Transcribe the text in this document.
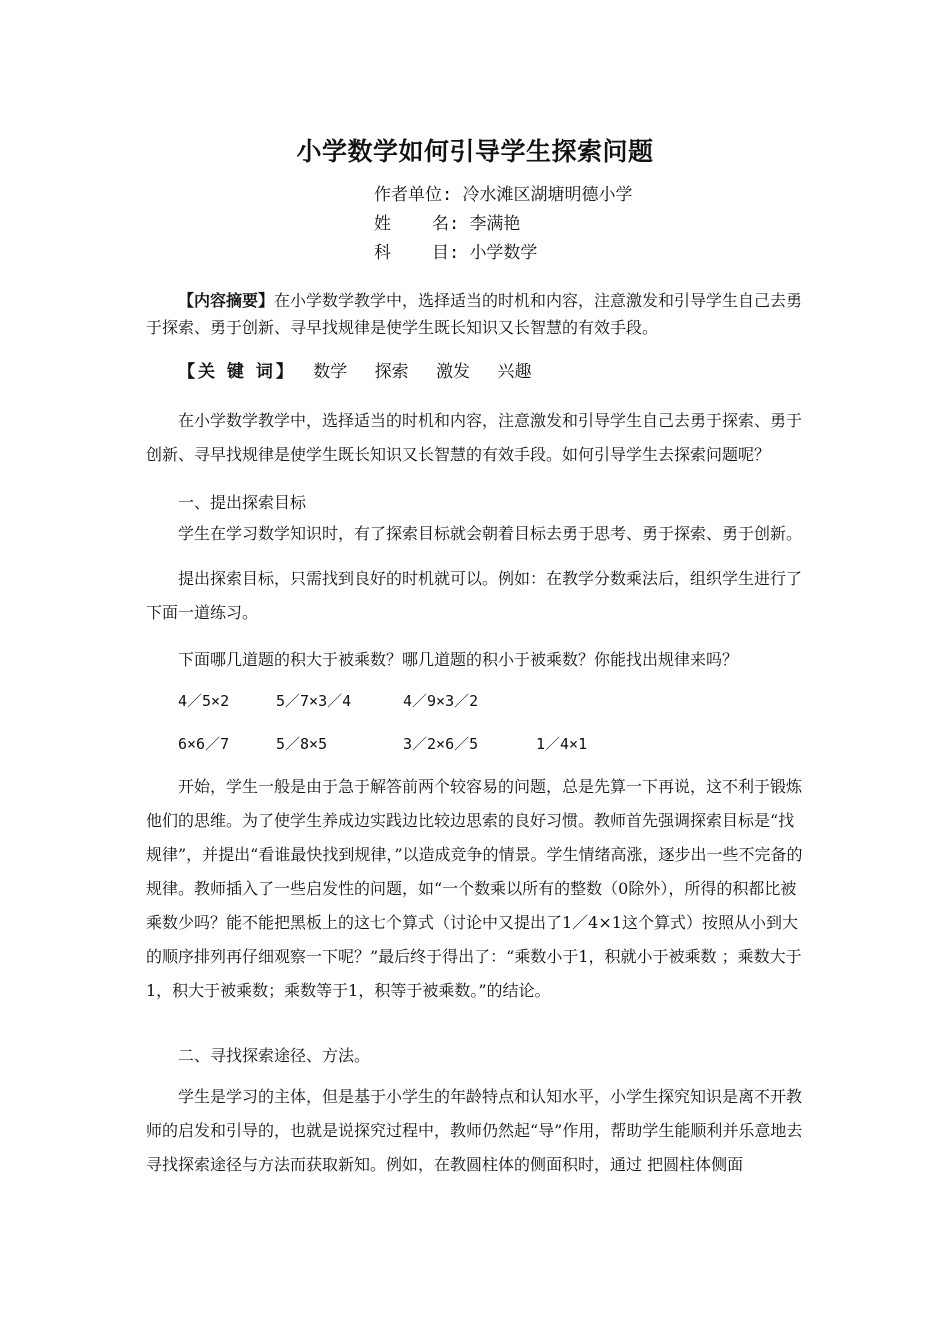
小学数学如何引导学生探索问题
作者单位: 冷水滩区湖塘明德小学
姓    名: 李满艳
科    目: 小学数学
【内容摘要】在小学数学教学中，选择适当的时机和内容，注意激发和引导学生自己去勇于探索、勇于创新、寻早找规律是使学生既长知识又长智慧的有效手段。
【关 键 词】 数学 探索 激发 兴趣
在小学数学教学中，选择适当的时机和内容，注意激发和引导学生自己去勇于探索、勇于创新、寻早找规律是使学生既长知识又长智慧的有效手段。如何引导学生去探索问题呢？
一、提出探索目标
学生在学习数学知识时，有了探索目标就会朝着目标去勇于思考、勇于探索、勇于创新。
提出探索目标，只需找到良好的时机就可以。例如：在教学分数乘法后，组织学生进行了下面一道练习。
下面哪几道题的积大于被乘数？哪几道题的积小于被乘数？你能找出规律来吗？
4／5×2	5／7×3／4	4／9×3／2
6×6／7	5／8×5	3／2×6／5	1／4×1
开始，学生一般是由于急于解答前两个较容易的问题，总是先算一下再说，这不利于锻炼他们的思维。为了使学生养成边实践边比较边思索的良好习惯。教师首先强调探索目标是“找规律”，并提出“看谁最快找到规律，”以造成竞争的情景。学生情绪高涨，逐步出一些不完备的规律。教师插入了一些启发性的问题，如“一个数乘以所有的整数（0除外），所得的积都比被乘数少吗？能不能把黑板上的这七个算式（讨论中又提出了1／4×1这个算式）按照从小到大的顺序排列再仔细观察一下呢？”最后终于得出了：“乘数小于1，积就小于被乘数 ；乘数大于1，积大于被乘数；乘数等于1，积等于被乘数。”的结论。
二、寻找探索途径、方法。
学生是学习的主体，但是基于小学生的年龄特点和认知水平，小学生探究知识是离不开教师的启发和引导的，也就是说探究过程中，教师仍然起“导”作用，帮助学生能顺利并乐意地去寻找探索途径与方法而获取新知。例如，在教圆柱体的侧面积时，通过 把圆柱体侧面
